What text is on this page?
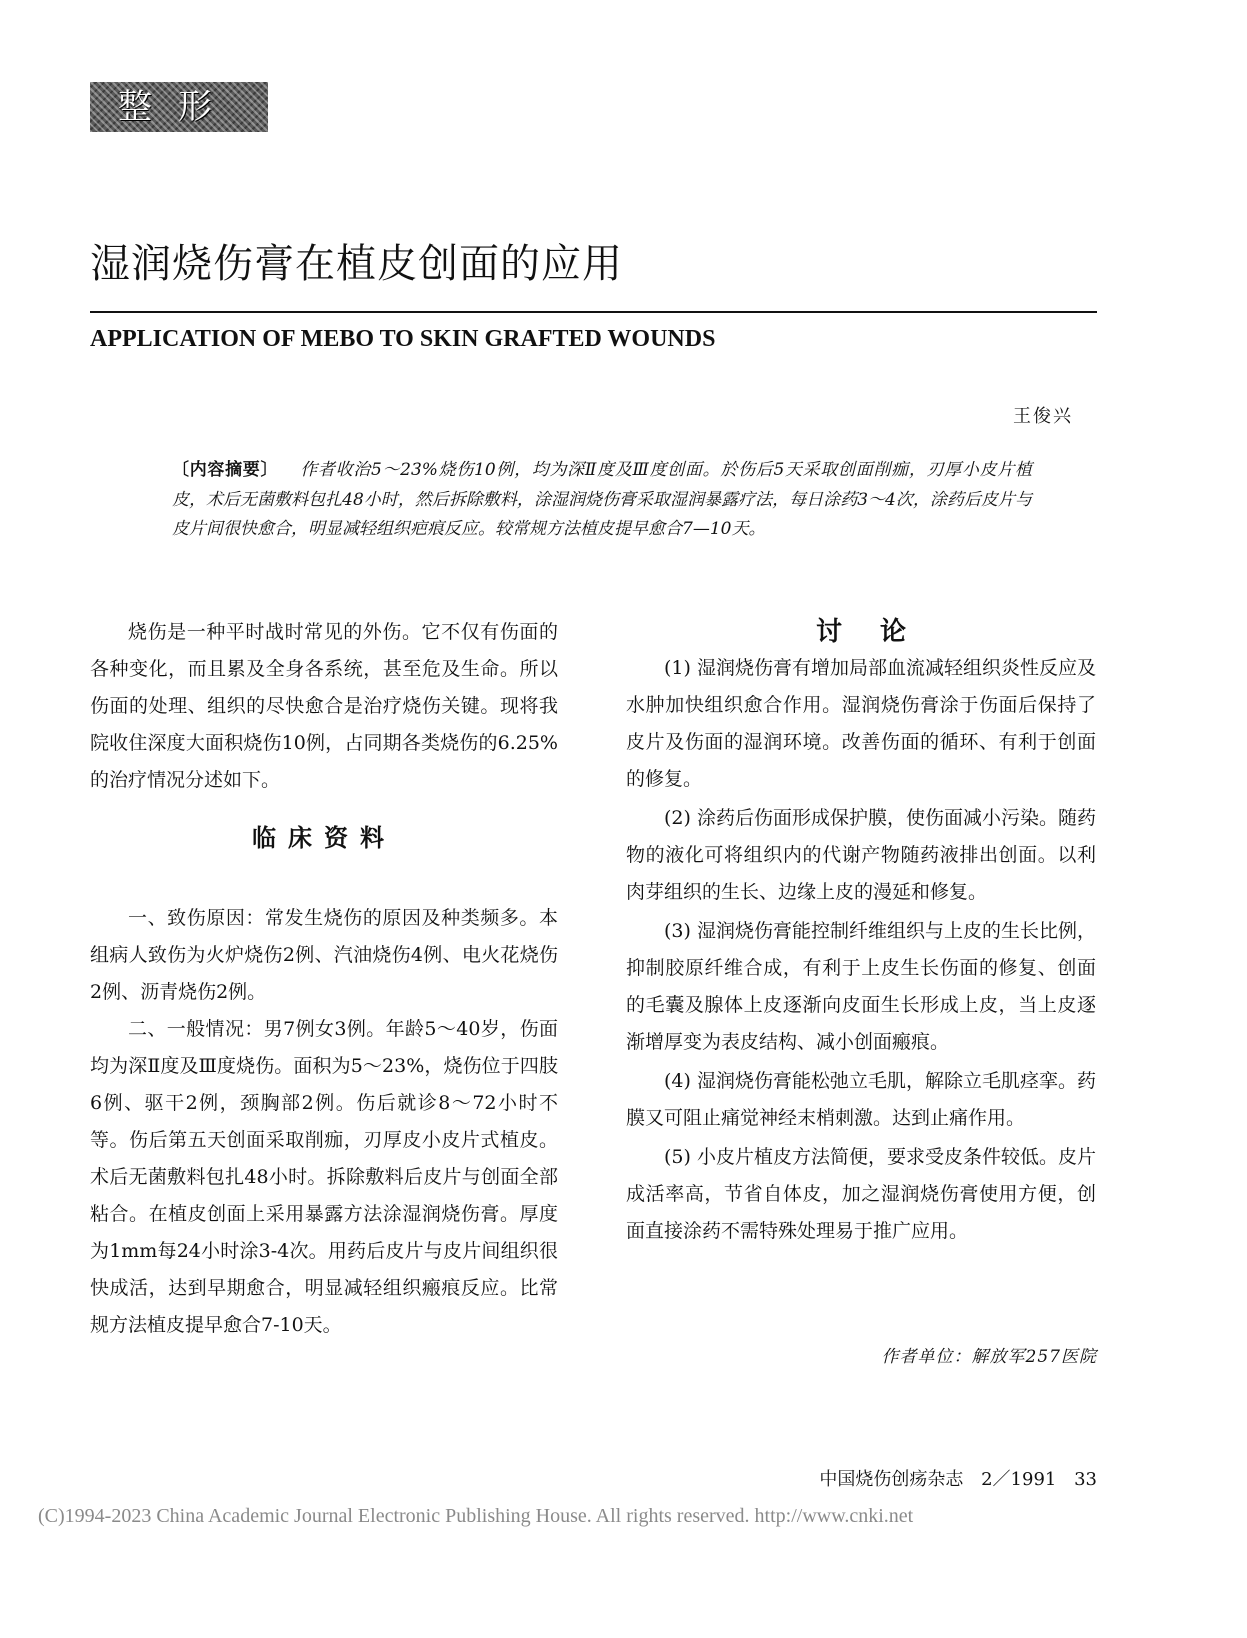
整形
湿润烧伤膏在植皮创面的应用
APPLICATION OF MEBO TO SKIN GRAFTED WOUNDS
王俊兴
〔内容摘要〕 作者收治5～23%烧伤10例，均为深Ⅱ度及Ⅲ度创面。於伤后5天采取创面削痂，刃厚小皮片植皮，术后无菌敷料包扎48小时，然后拆除敷料，涂湿润烧伤膏采取湿润暴露疗法，每日涂药3～4次，涂药后皮片与皮片间很快愈合，明显减轻组织疤痕反应。较常规方法植皮提早愈合7—10天。

烧伤是一种平时战时常见的外伤。它不仅有伤面的各种变化，而且累及全身各系统，甚至危及生命。所以伤面的处理、组织的尽快愈合是治疗烧伤关键。现将我院收住深度大面积烧伤10例，占同期各类烧伤的6.25%的治疗情况分述如下。

临床资料

一、致伤原因：常发生烧伤的原因及种类频多。本组病人致伤为火炉烧伤2例、汽油烧伤4例、电火花烧伤2例、沥青烧伤2例。

二、一般情况：男7例女3例。年龄5～40岁，伤面均为深Ⅱ度及Ⅲ度烧伤。面积为5～23%，烧伤位于四肢6例、驱干2例，颈胸部2例。伤后就诊8～72小时不等。伤后第五天创面采取削痂，刃厚皮小皮片式植皮。术后无菌敷料包扎48小时。拆除敷料后皮片与创面全部粘合。在植皮创面上采用暴露方法涂湿润烧伤膏。厚度为1mm每24小时涂3-4次。用药后皮片与皮片间组织很快成活，达到早期愈合，明显减轻组织瘢痕反应。比常规方法植皮提早愈合7-10天。

讨论

(1) 湿润烧伤膏有增加局部血流减轻组织炎性反应及水肿加快组织愈合作用。湿润烧伤膏涂于伤面后保持了皮片及伤面的湿润环境。改善伤面的循环、有利于创面的修复。

(2) 涂药后伤面形成保护膜，使伤面减小污染。随药物的液化可将组织内的代谢产物随药液排出创面。以利肉芽组织的生长、边缘上皮的漫延和修复。

(3) 湿润烧伤膏能控制纤维组织与上皮的生长比例，抑制胶原纤维合成，有利于上皮生长伤面的修复、创面的毛囊及腺体上皮逐渐向皮面生长形成上皮，当上皮逐渐增厚变为表皮结构、减小创面瘢痕。

(4) 湿润烧伤膏能松弛立毛肌，解除立毛肌痉挛。药膜又可阻止痛觉神经末梢刺激。达到止痛作用。

(5) 小皮片植皮方法简便，要求受皮条件较低。皮片成活率高，节省自体皮，加之湿润烧伤膏使用方便，创面直接涂药不需特殊处理易于推广应用。

作者单位：解放军257医院
中国烧伤创疡杂志 2／1991 33
(C)1994-2023 China Academic Journal Electronic Publishing House. All rights reserved. http://www.cnki.net
